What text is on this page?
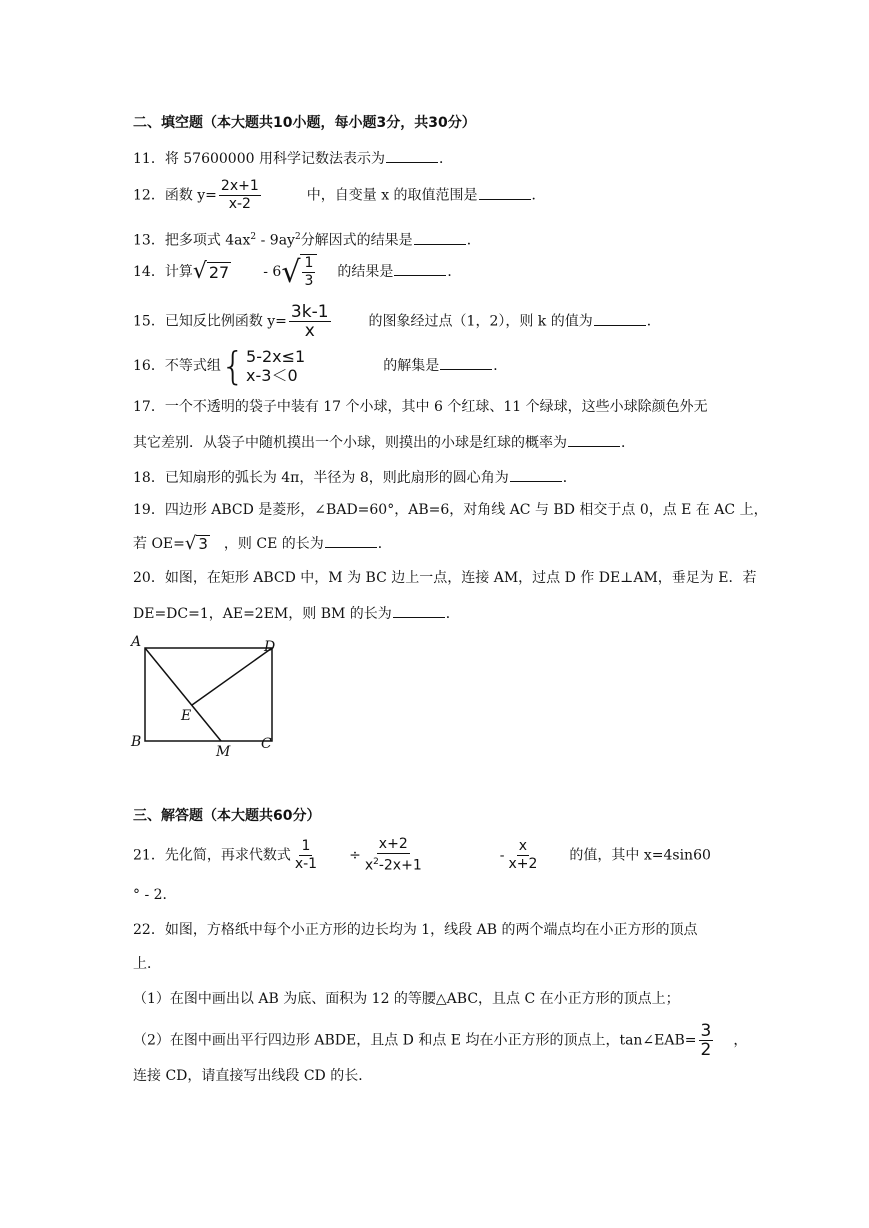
二、填空题（本大题共10小题，每小题3分，共30分）
11．将 57600000 用科学记数法表示为	．
12．函数 $y= \frac{2x+1}{x-2}$	中，自变量 x 的取值范围是	．
13．把多项式 $4ax^2 - 9ay^2$分解因式的结果是	．
14．计算 √ 27 - 6 √ $\frac{1}{3}$ 的结果是	．
15．已知反比例函数 $y= \frac{3k-1}{x}$	的图象经过点（1，2），则 k 的值为	．
16．不等式组 { 5-2x≤1
x-3＜0	的解集是	．
17．一个不透明的袋子中装有 17 个小球，其中 6 个红球、11 个绿球，这些小球除颜色外无
其它差别．从袋子中随机摸出一个小球，则摸出的小球是红球的概率为	．
18．已知扇形的弧长为 4π，半径为 8，则此扇形的圆心角为	．
19．四边形 ABCD 是菱形，∠BAD=60°，AB=6，对角线 AC 与 BD 相交于点 0，点 E 在 AC 上，
若 OE= √ 3 ，则 CE 的长为	．
20．如图，在矩形 ABCD 中，M 为 BC 边上一点，连接 AM，过点 D 作 DE⊥AM，垂足为 E．若
DE=DC=1，AE=2EM，则 BM 的长为	．
A	D
B	C
E
M
三、解答题（本大题共60分）
21．先化简，再求代数式 $\frac{1}{x-1} \div \frac{x+2}{x^2-2x+1}$	- $\frac{x}{x+2}$ 的值，其中 x=4sin60
° - 2．
22．如图，方格纸中每个小正方形的边长均为 1，线段 AB 的两个端点均在小正方形的顶点
上．
（1）在图中画出以 AB 为底、面积为 12 的等腰△ABC，且点 C 在小正方形的顶点上；
（2）在图中画出平行四边形 ABDE，且点 D 和点 E 均在小正方形的顶点上，tan∠EAB= $\frac{3}{2}$ ，
连接 CD，请直接写出线段 CD 的长．
